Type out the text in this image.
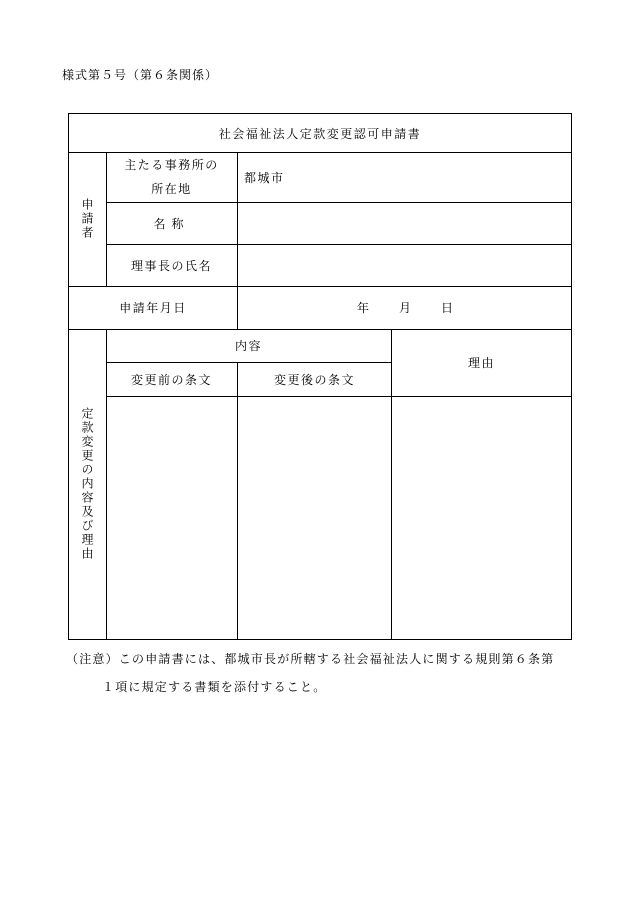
様式第５号（第６条関係）
社会福祉法人定款変更認可申請書
申請者
主たる事務所の
所在地
都城市
名称
理事長の氏名
申請年月日	年 月 日
定款変更の内容及び理由
内容
理由
変更前の条文	変更後の条文
（注意）この申請書には、都城市長が所轄する社会福祉法人に関する規則第６条第
１項に規定する書類を添付すること。
